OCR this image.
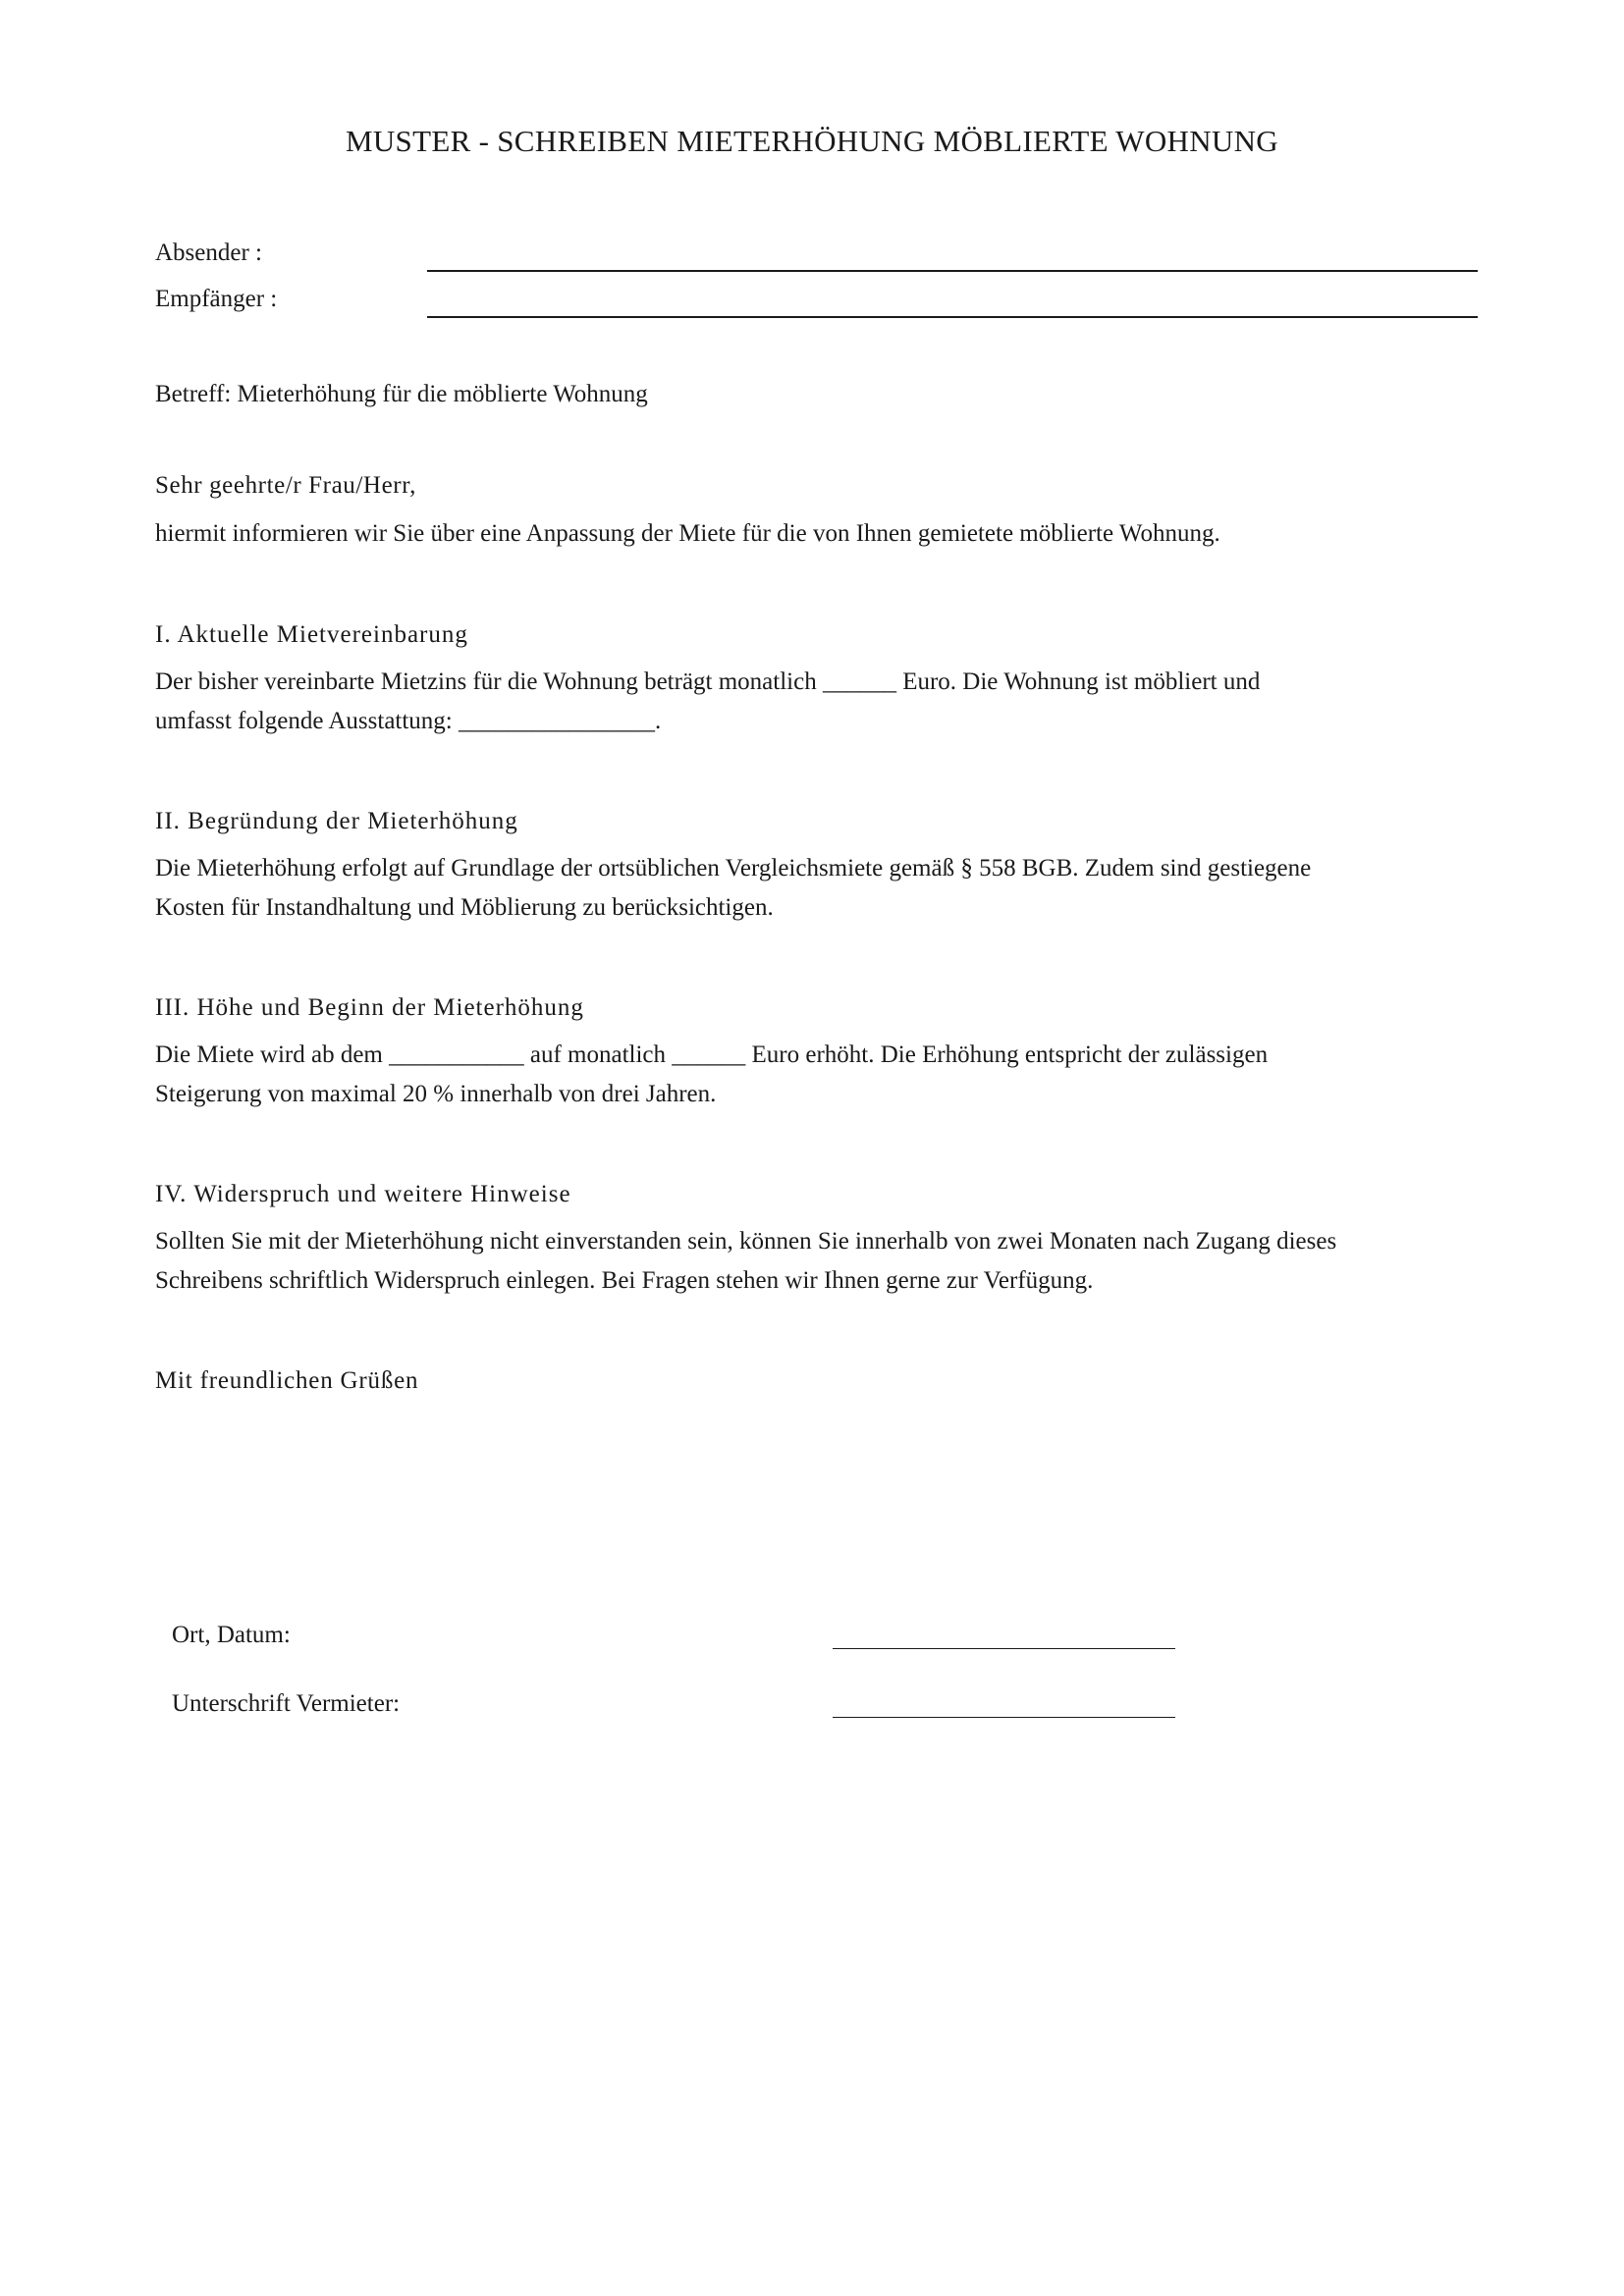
MUSTER - SCHREIBEN MIETERHÖHUNG MÖBLIERTE WOHNUNG
Absender :
Empfänger :
Betreff: Mieterhöhung für die möblierte Wohnung
Sehr geehrte/r Frau/Herr,
hiermit informieren wir Sie über eine Anpassung der Miete für die von Ihnen gemietete möblierte Wohnung.
I. Aktuelle Mietvereinbarung
Der bisher vereinbarte Mietzins für die Wohnung beträgt monatlich ______ Euro. Die Wohnung ist möbliert und
umfasst folgende Ausstattung: ________________.
II. Begründung der Mieterhöhung
Die Mieterhöhung erfolgt auf Grundlage der ortsüblichen Vergleichsmiete gemäß § 558 BGB. Zudem sind gestiegene
Kosten für Instandhaltung und Möblierung zu berücksichtigen.
III. Höhe und Beginn der Mieterhöhung
Die Miete wird ab dem ___________ auf monatlich ______ Euro erhöht. Die Erhöhung entspricht der zulässigen
Steigerung von maximal 20 % innerhalb von drei Jahren.
IV. Widerspruch und weitere Hinweise
Sollten Sie mit der Mieterhöhung nicht einverstanden sein, können Sie innerhalb von zwei Monaten nach Zugang dieses
Schreibens schriftlich Widerspruch einlegen. Bei Fragen stehen wir Ihnen gerne zur Verfügung.
Mit freundlichen Grüßen
Ort, Datum:
Unterschrift Vermieter:
